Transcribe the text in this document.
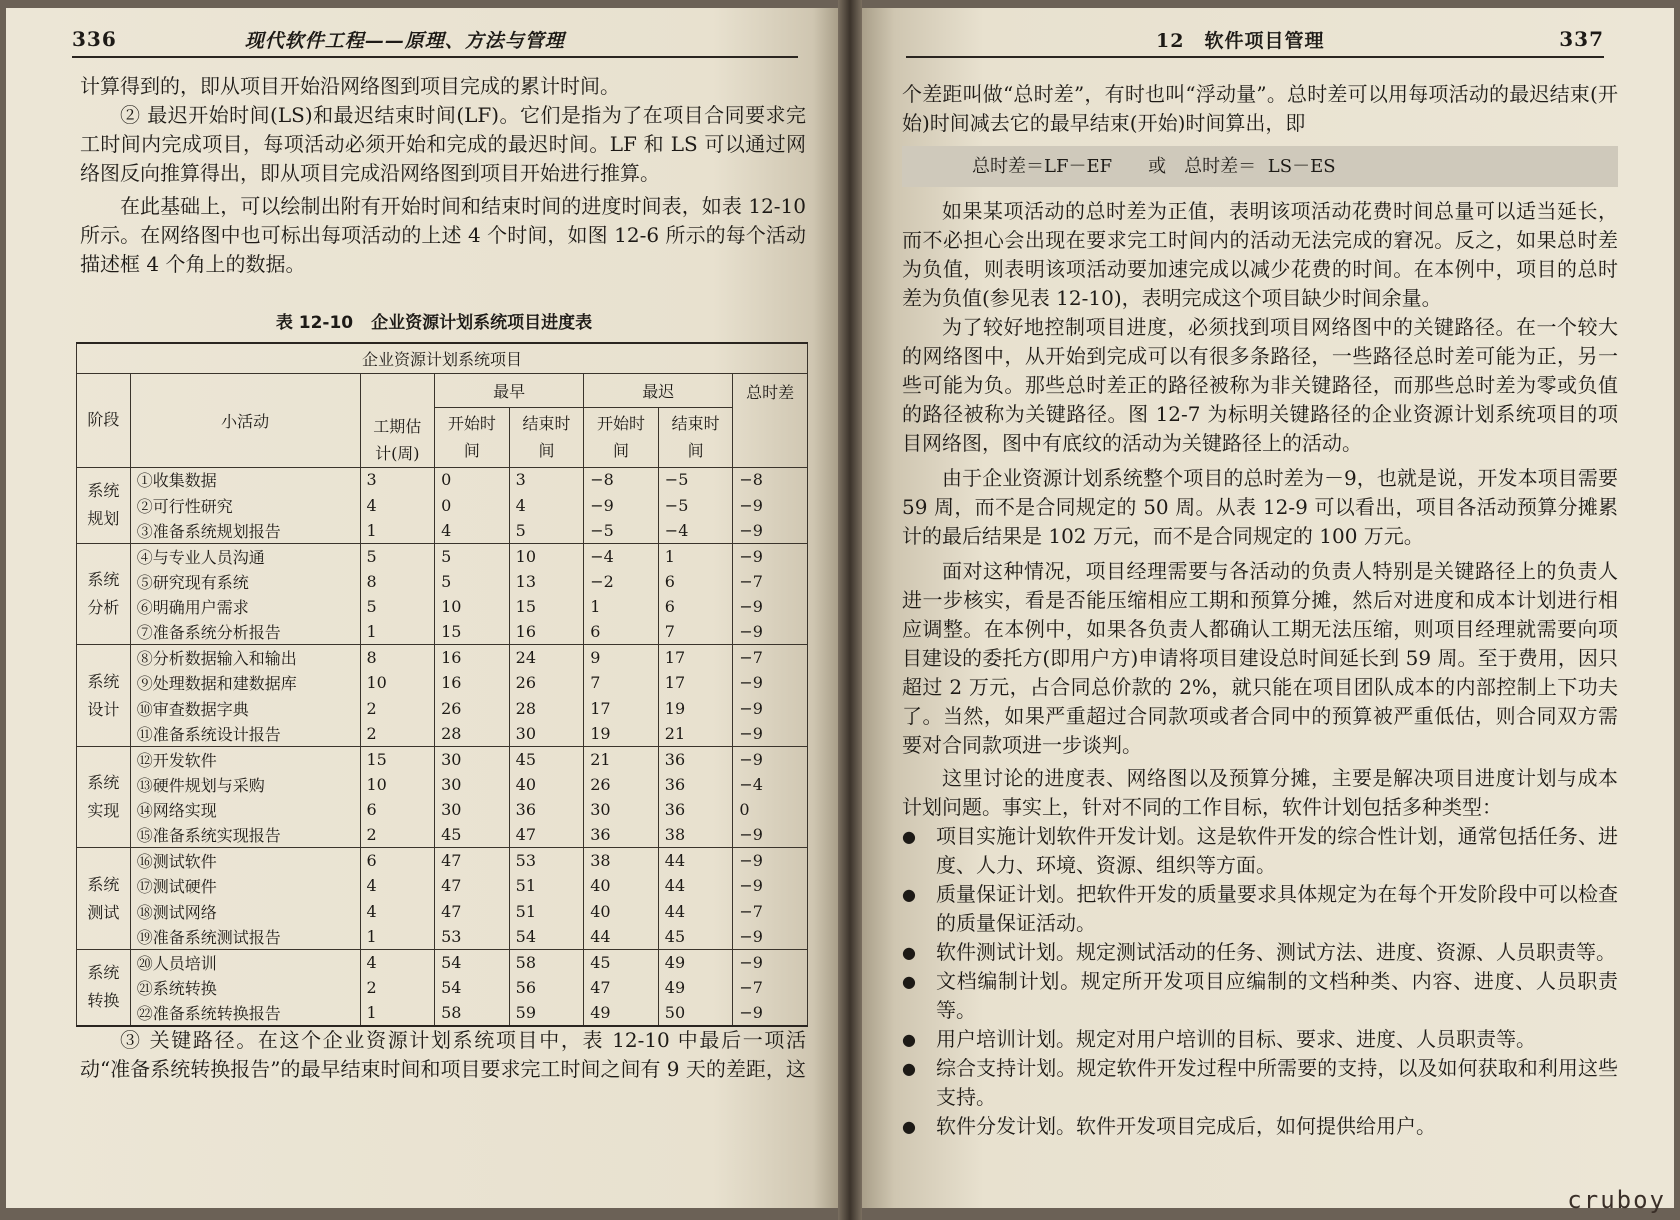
336	现代软件工程——原理、方法与管理

计算得到的，即从项目开始沿网络图到项目完成的累计时间。

② 最迟开始时间(LS)和最迟结束时间(LF)。它们是指为了在项目合同要求完工时间内完成项目，每项活动必须开始和完成的最迟时间。LF 和 LS 可以通过网络图反向推算得出，即从项目完成沿网络图到项目开始进行推算。

在此基础上，可以绘制出附有开始时间和结束时间的进度时间表，如表 12-10 所示。在网络图中也可标出每项活动的上述 4 个时间，如图 12-6 所示的每个活动描述框 4 个角上的数据。

表 12-10 企业资源计划系统项目进度表
企业资源计划系统项目							
阶段	小活动	工期估计(周)	最早		最迟		总时差
			开始时间	结束时间	开始时间	结束时间	
系统规划	①收集数据	3	0	3	−8	−5	−8
	②可行性研究	4	0	4	−9	−5	−9
	③准备系统规划报告	1	4	5	−5	−4	−9
系统分析	④与专业人员沟通	5	5	10	−4	1	−9
	⑤研究现有系统	8	5	13	−2	6	−7
	⑥明确用户需求	5	10	15	1	6	−9
	⑦准备系统分析报告	1	15	16	6	7	−9
系统设计	⑧分析数据输入和输出	8	16	24	9	17	−7
	⑨处理数据和建数据库	10	16	26	7	17	−9
	⑩审查数据字典	2	26	28	17	19	−9
	⑪准备系统设计报告	2	28	30	19	21	−9
系统实现	⑫开发软件	15	30	45	21	36	−9
	⑬硬件规划与采购	10	30	40	26	36	−4
	⑭网络实现	6	30	36	30	36	0
	⑮准备系统实现报告	2	45	47	36	38	−9
系统测试	⑯测试软件	6	47	53	38	44	−9
	⑰测试硬件	4	47	51	40	44	−9
	⑱测试网络	4	47	51	40	44	−7
	⑲准备系统测试报告	1	53	54	44	45	−9
系统转换	⑳人员培训	4	54	58	45	49	−9
	㉑系统转换	2	54	56	47	49	−7
	㉒准备系统转换报告	1	58	59	49	50	−9

③ 关键路径。在这个企业资源计划系统项目中，表 12-10 中最后一项活动“准备系统转换报告”的最早结束时间和项目要求完工时间之间有 9 天的差距，这

12　软件项目管理	337

个差距叫做“总时差”，有时也叫“浮动量”。总时差可以用每项活动的最迟结束(开始)时间减去它的最早结束(开始)时间算出，即

总时差＝LF－EF　　或　总时差＝ LS－ES

如果某项活动的总时差为正值，表明该项活动花费时间总量可以适当延长，而不必担心会出现在要求完工时间内的活动无法完成的窘况。反之，如果总时差为负值，则表明该项活动要加速完成以减少花费的时间。在本例中，项目的总时差为负值(参见表 12-10)，表明完成这个项目缺少时间余量。

为了较好地控制项目进度，必须找到项目网络图中的关键路径。在一个较大的网络图中，从开始到完成可以有很多条路径，一些路径总时差可能为正，另一些可能为负。那些总时差正的路径被称为非关键路径，而那些总时差为零或负值的路径被称为关键路径。图 12-7 为标明关键路径的企业资源计划系统项目的项目网络图，图中有底纹的活动为关键路径上的活动。

由于企业资源计划系统整个项目的总时差为－9，也就是说，开发本项目需要 59 周，而不是合同规定的 50 周。从表 12-9 可以看出，项目各活动预算分摊累计的最后结果是 102 万元，而不是合同规定的 100 万元。

面对这种情况，项目经理需要与各活动的负责人特别是关键路径上的负责人进一步核实，看是否能压缩相应工期和预算分摊，然后对进度和成本计划进行相应调整。在本例中，如果各负责人都确认工期无法压缩，则项目经理就需要向项目建设的委托方(即用户方)申请将项目建设总时间延长到 59 周。至于费用，因只超过 2 万元，占合同总价款的 2%，就只能在项目团队成本的内部控制上下功夫了。当然，如果严重超过合同款项或者合同中的预算被严重低估，则合同双方需要对合同款项进一步谈判。

这里讨论的进度表、网络图以及预算分摊，主要是解决项目进度计划与成本计划问题。事实上，针对不同的工作目标，软件计划包括多种类型：

● 项目实施计划软件开发计划。这是软件开发的综合性计划，通常包括任务、进度、人力、环境、资源、组织等方面。
● 质量保证计划。把软件开发的质量要求具体规定为在每个开发阶段中可以检查的质量保证活动。
● 软件测试计划。规定测试活动的任务、测试方法、进度、资源、人员职责等。
● 文档编制计划。规定所开发项目应编制的文档种类、内容、进度、人员职责等。
● 用户培训计划。规定对用户培训的目标、要求、进度、人员职责等。
● 综合支持计划。规定软件开发过程中所需要的支持，以及如何获取和利用这些支持。
● 软件分发计划。软件开发项目完成后，如何提供给用户。
cruboy
